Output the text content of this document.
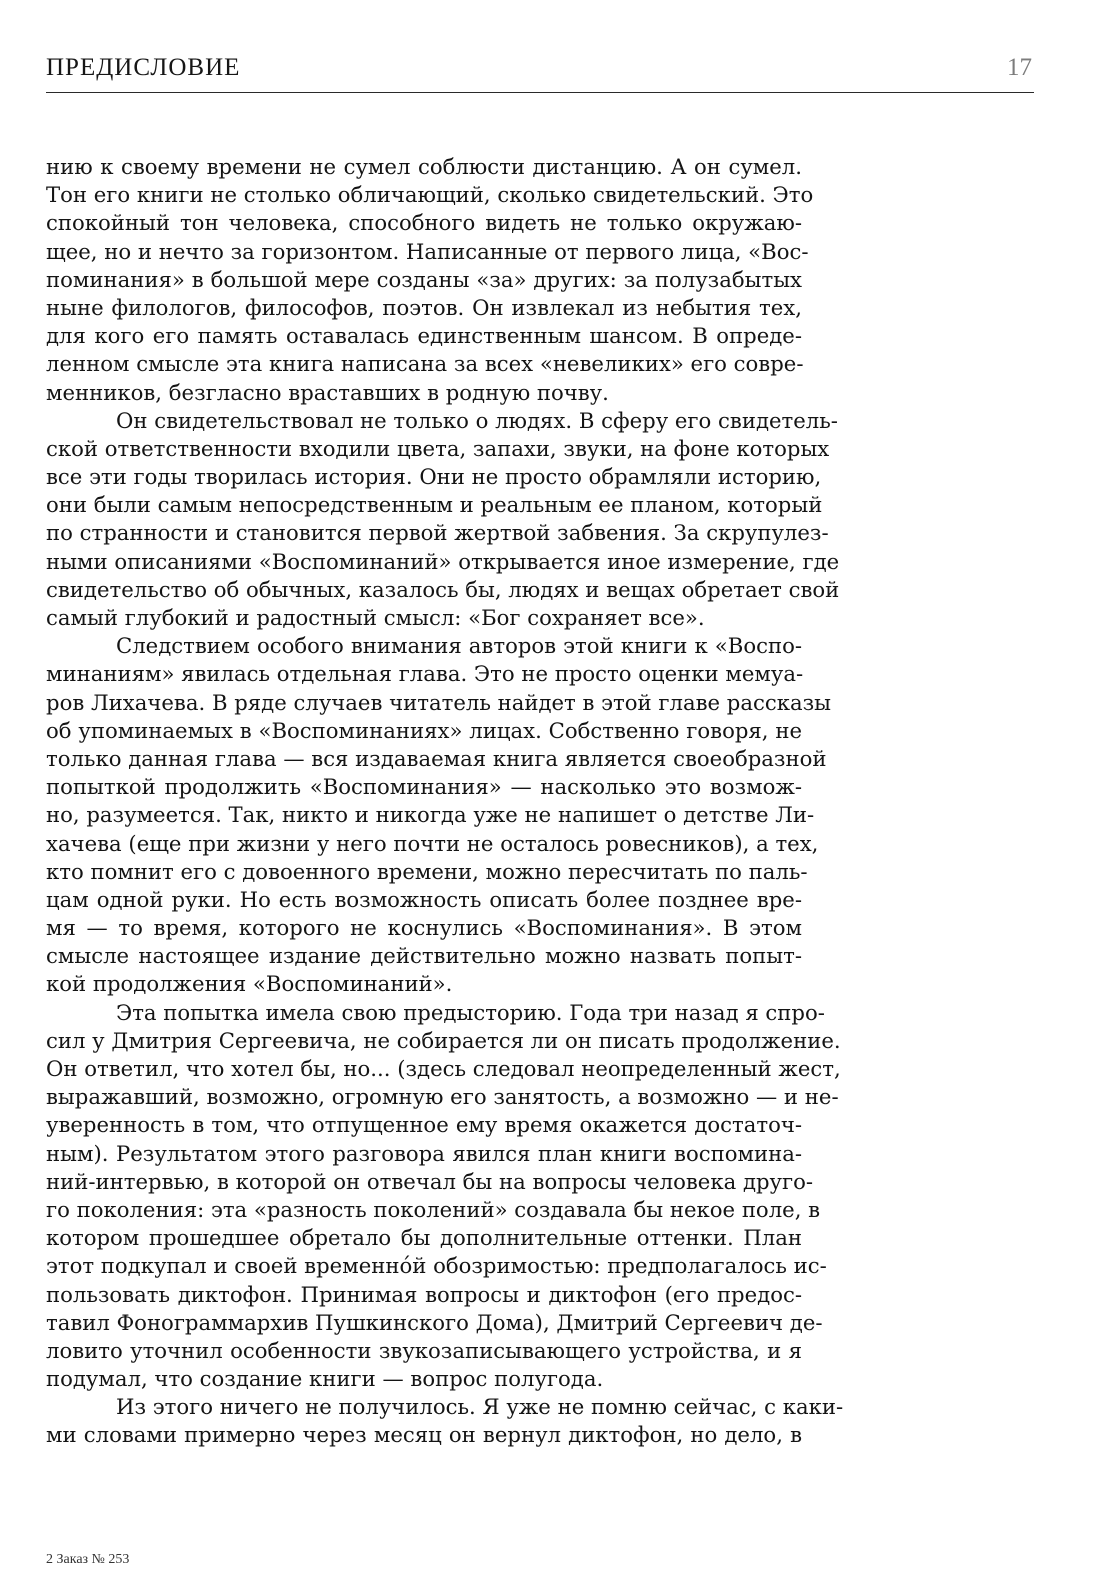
ПРЕДИСЛОВИЕ	17
нию к своему времени не сумел соблюсти дистанцию. А он сумел.
Тон его книги не столько обличающий, сколько свидетельский. Это
спокойный тон человека, способного видеть не только окружаю-
щее, но и нечто за горизонтом. Написанные от первого лица, «Вос-
поминания» в большой мере созданы «за» других: за полузабытых
ныне филологов, философов, поэтов. Он извлекал из небытия тех,
для кого его память оставалась единственным шансом. В опреде-
ленном смысле эта книга написана за всех «невеликих» его совре-
менников, безгласно враставших в родную почву.
Он свидетельствовал не только о людях. В сферу его свидетель-
ской ответственности входили цвета, запахи, звуки, на фоне которых
все эти годы творилась история. Они не просто обрамляли историю,
они были самым непосредственным и реальным ее планом, который
по странности и становится первой жертвой забвения. За скрупулез-
ными описаниями «Воспоминаний» открывается иное измерение, где
свидетельство об обычных, казалось бы, людях и вещах обретает свой
самый глубокий и радостный смысл: «Бог сохраняет все».
Следствием особого внимания авторов этой книги к «Воспо-
минаниям» явилась отдельная глава. Это не просто оценки мемуа-
ров Лихачева. В ряде случаев читатель найдет в этой главе рассказы
об упоминаемых в «Воспоминаниях» лицах. Собственно говоря, не
только данная глава — вся издаваемая книга является своеобразной
попыткой продолжить «Воспоминания» — насколько это возмож-
но, разумеется. Так, никто и никогда уже не напишет о детстве Ли-
хачева (еще при жизни у него почти не осталось ровесников), а тех,
кто помнит его с довоенного времени, можно пересчитать по паль-
цам одной руки. Но есть возможность описать более позднее вре-
мя — то время, которого не коснулись «Воспоминания». В этом
смысле настоящее издание действительно можно назвать попыт-
кой продолжения «Воспоминаний».
Эта попытка имела свою предысторию. Года три назад я спро-
сил у Дмитрия Сергеевича, не собирается ли он писать продолжение.
Он ответил, что хотел бы, но... (здесь следовал неопределенный жест,
выражавший, возможно, огромную его занятость, а возможно — и не-
уверенность в том, что отпущенное ему время окажется достаточ-
ным). Результатом этого разговора явился план книги воспомина-
ний-интервью, в которой он отвечал бы на вопросы человека друго-
го поколения: эта «разность поколений» создавала бы некое поле, в
котором прошедшее обретало бы дополнительные оттенки. План
этот подкупал и своей временно́й обозримостью: предполагалось ис-
пользовать диктофон. Принимая вопросы и диктофон (его предос-
тавил Фонограммархив Пушкинского Дома), Дмитрий Сергеевич де-
ловито уточнил особенности звукозаписывающего устройства, и я
подумал, что создание книги — вопрос полугода.
Из этого ничего не получилось. Я уже не помню сейчас, с каки-
ми словами примерно через месяц он вернул диктофон, но дело, в
2 Заказ № 253
